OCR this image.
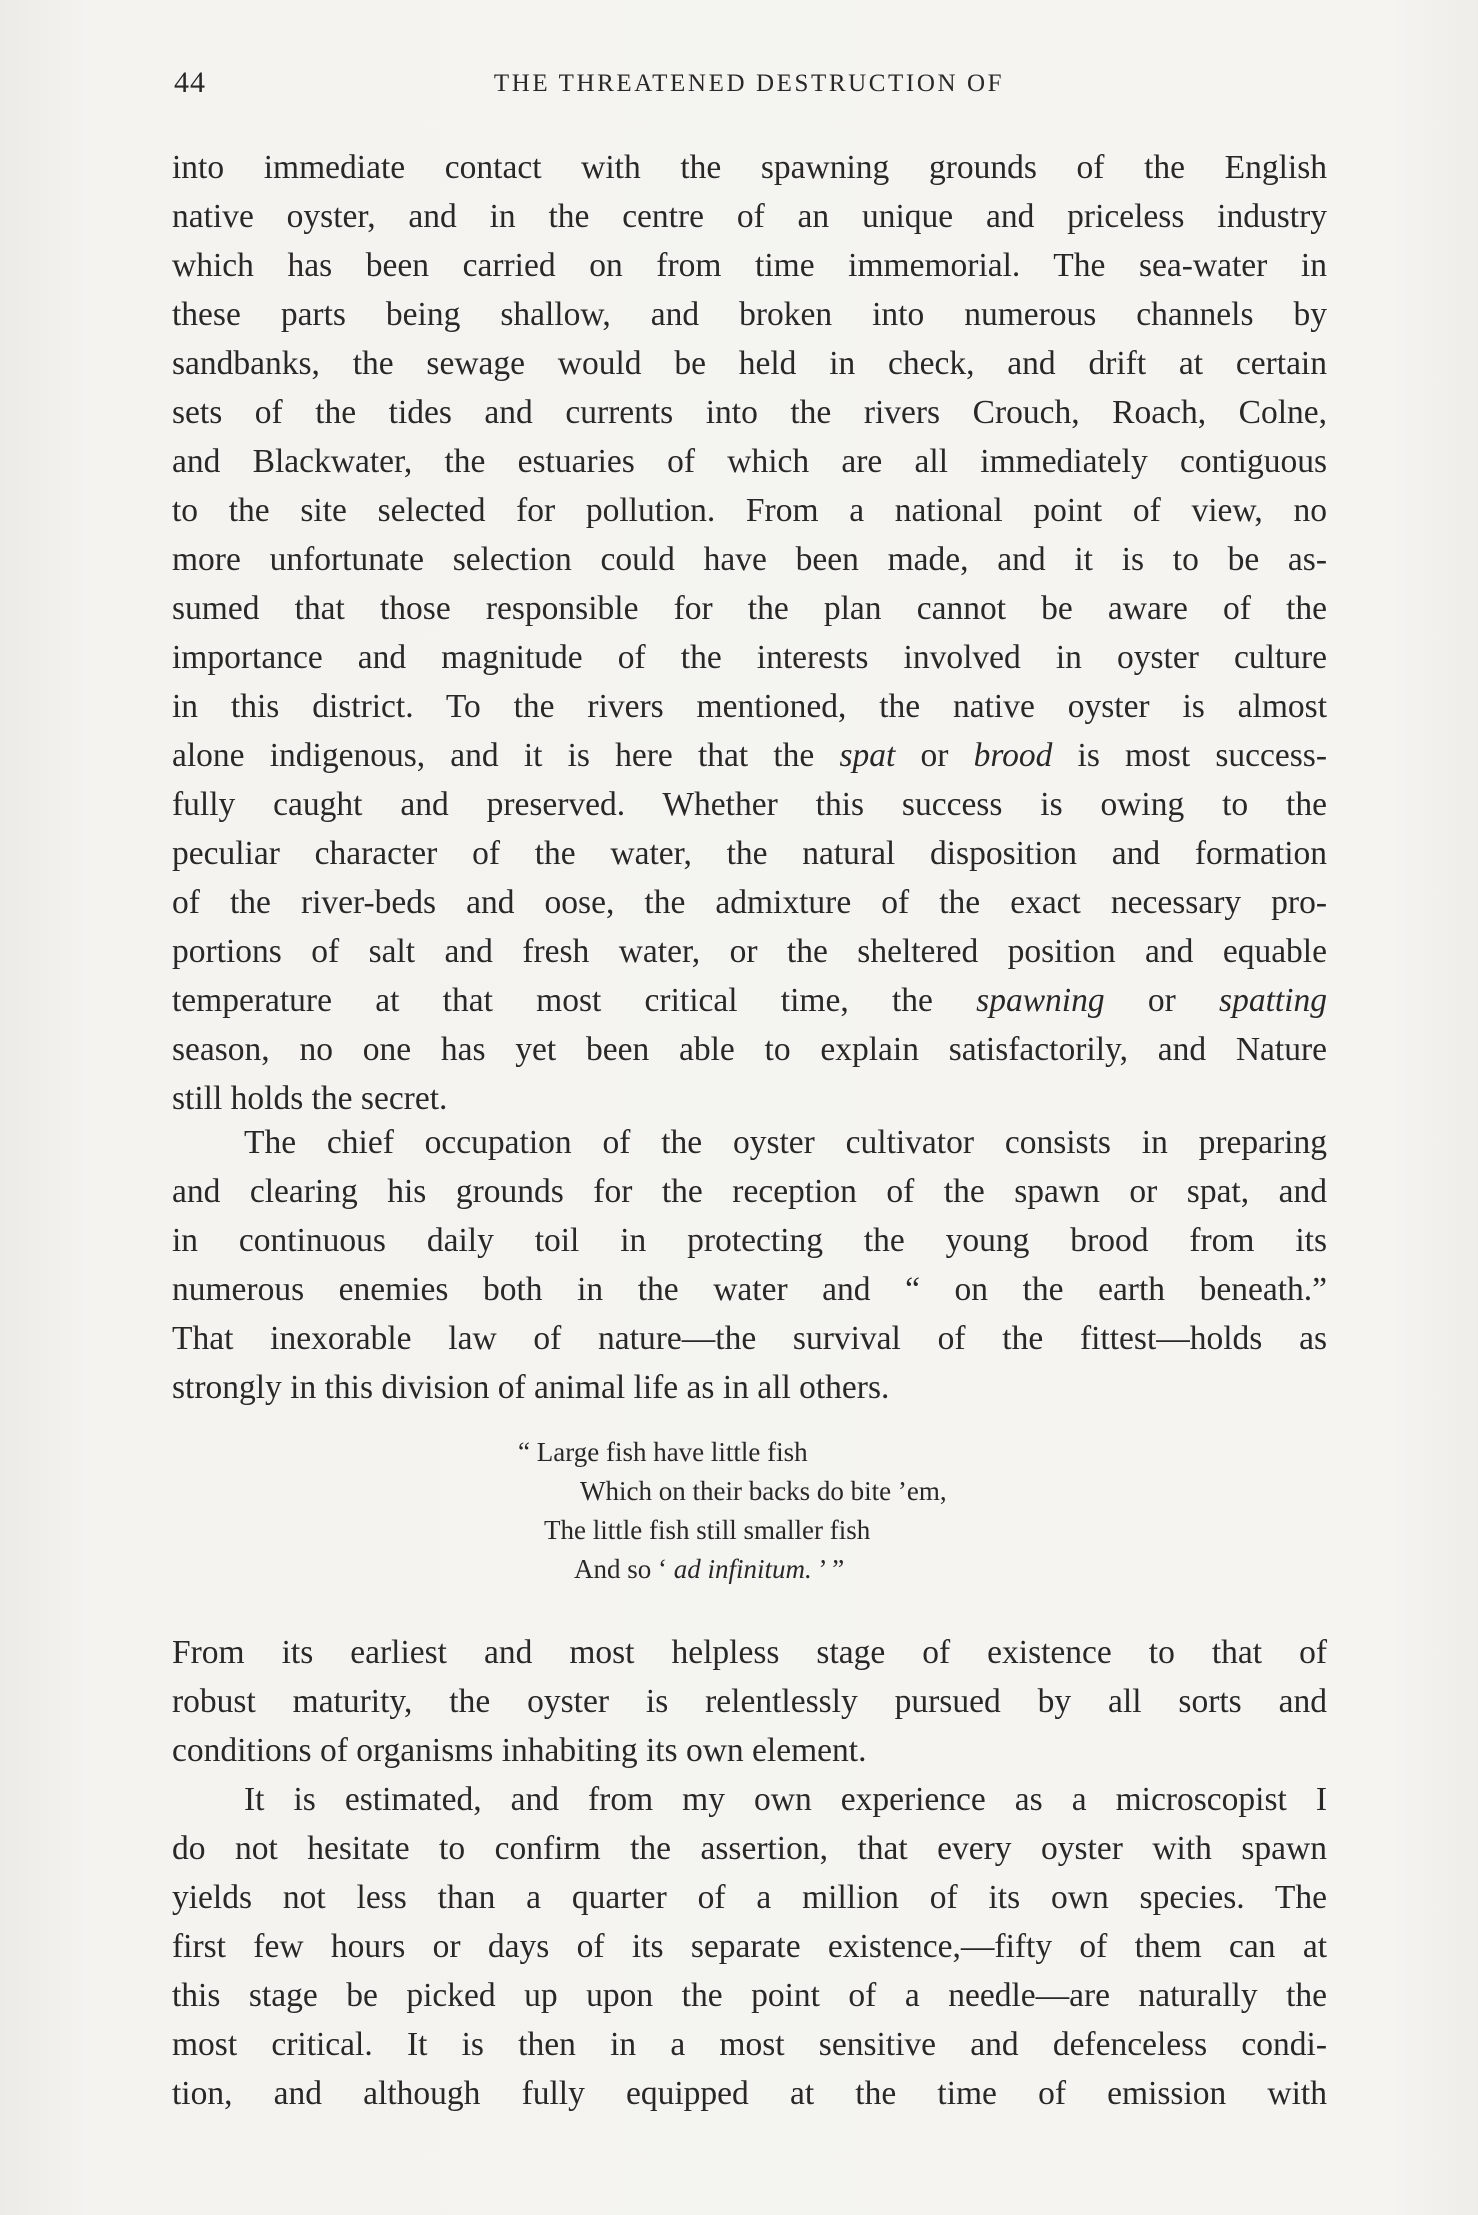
44	THE THREATENED DESTRUCTION OF
into immediate contact with the spawning grounds of the English
native oyster, and in the centre of an unique and priceless industry
which has been carried on from time immemorial. The sea-water in
these parts being shallow, and broken into numerous channels by
sandbanks, the sewage would be held in check, and drift at certain
sets of the tides and currents into the rivers Crouch, Roach, Colne,
and Blackwater, the estuaries of which are all immediately contiguous
to the site selected for pollution. From a national point of view, no
more unfortunate selection could have been made, and it is to be as-
sumed that those responsible for the plan cannot be aware of the
importance and magnitude of the interests involved in oyster culture
in this district. To the rivers mentioned, the native oyster is almost
alone indigenous, and it is here that the spat or brood is most success-
fully caught and preserved. Whether this success is owing to the
peculiar character of the water, the natural disposition and formation
of the river-beds and oose, the admixture of the exact necessary pro-
portions of salt and fresh water, or the sheltered position and equable
temperature at that most critical time, the spawning or spatting
season, no one has yet been able to explain satisfactorily, and Nature
still holds the secret.
The chief occupation of the oyster cultivator consists in preparing
and clearing his grounds for the reception of the spawn or spat, and
in continuous daily toil in protecting the young brood from its
numerous enemies both in the water and “ on the earth beneath.”
That inexorable law of nature—the survival of the fittest—holds as
strongly in this division of animal life as in all others.
“ Large fish have little fish
Which on their backs do bite ’em,
The little fish still smaller fish
And so ‘ ad infinitum. ’ ”
From its earliest and most helpless stage of existence to that of
robust maturity, the oyster is relentlessly pursued by all sorts and
conditions of organisms inhabiting its own element.
It is estimated, and from my own experience as a microscopist I
do not hesitate to confirm the assertion, that every oyster with spawn
yields not less than a quarter of a million of its own species. The
first few hours or days of its separate existence,—fifty of them can at
this stage be picked up upon the point of a needle—are naturally the
most critical. It is then in a most sensitive and defenceless condi-
tion, and although fully equipped at the time of emission with
